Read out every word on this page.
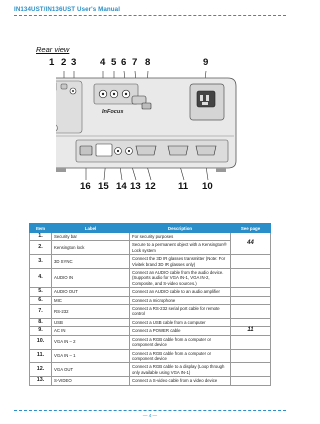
IN134UST/IN136UST User's Manual
Rear view
1 2 3 4 5 6 7 8	9
16 15 14 13 12 11 10
InFocus
Item	Label	Description	See page
1.	Security bar	For security purposes	44
2.	Kensington lock	Secure to a permanent object with a Kensington® Lock system	
3.	3D SYNC	Connect the 3D IR glasses transmitter (Note: For Vivitek brand 3D IR glasses only)	
4.	AUDIO IN	Connect an AUDIO cable from the audio device. (Supports audio for VGA IN-1, VGA IN-2, Composite, and S-video sources.)	
5.	AUDIO OUT	Connect an AUDIO cable to an audio amplifier	
6.	MIC	Connect a microphone	
7.	RS-232	Connect a RS-232 serial port cable for remote control	
8.	USB	Connect a USB cable from a computer	
9.	AC IN	Connect a POWER cable	11
10.	VGA IN – 2	Connect a RGB cable from a computer or component device	
11.	VGA IN – 1	Connect a RGB cable from a computer or component device	
12.	VGA OUT	Connect a RGB cable to a display (Loop through only available using VGA IN-1)	
13.	S-VIDEO	Connect a S-video cable from a video device	
— 4 —
